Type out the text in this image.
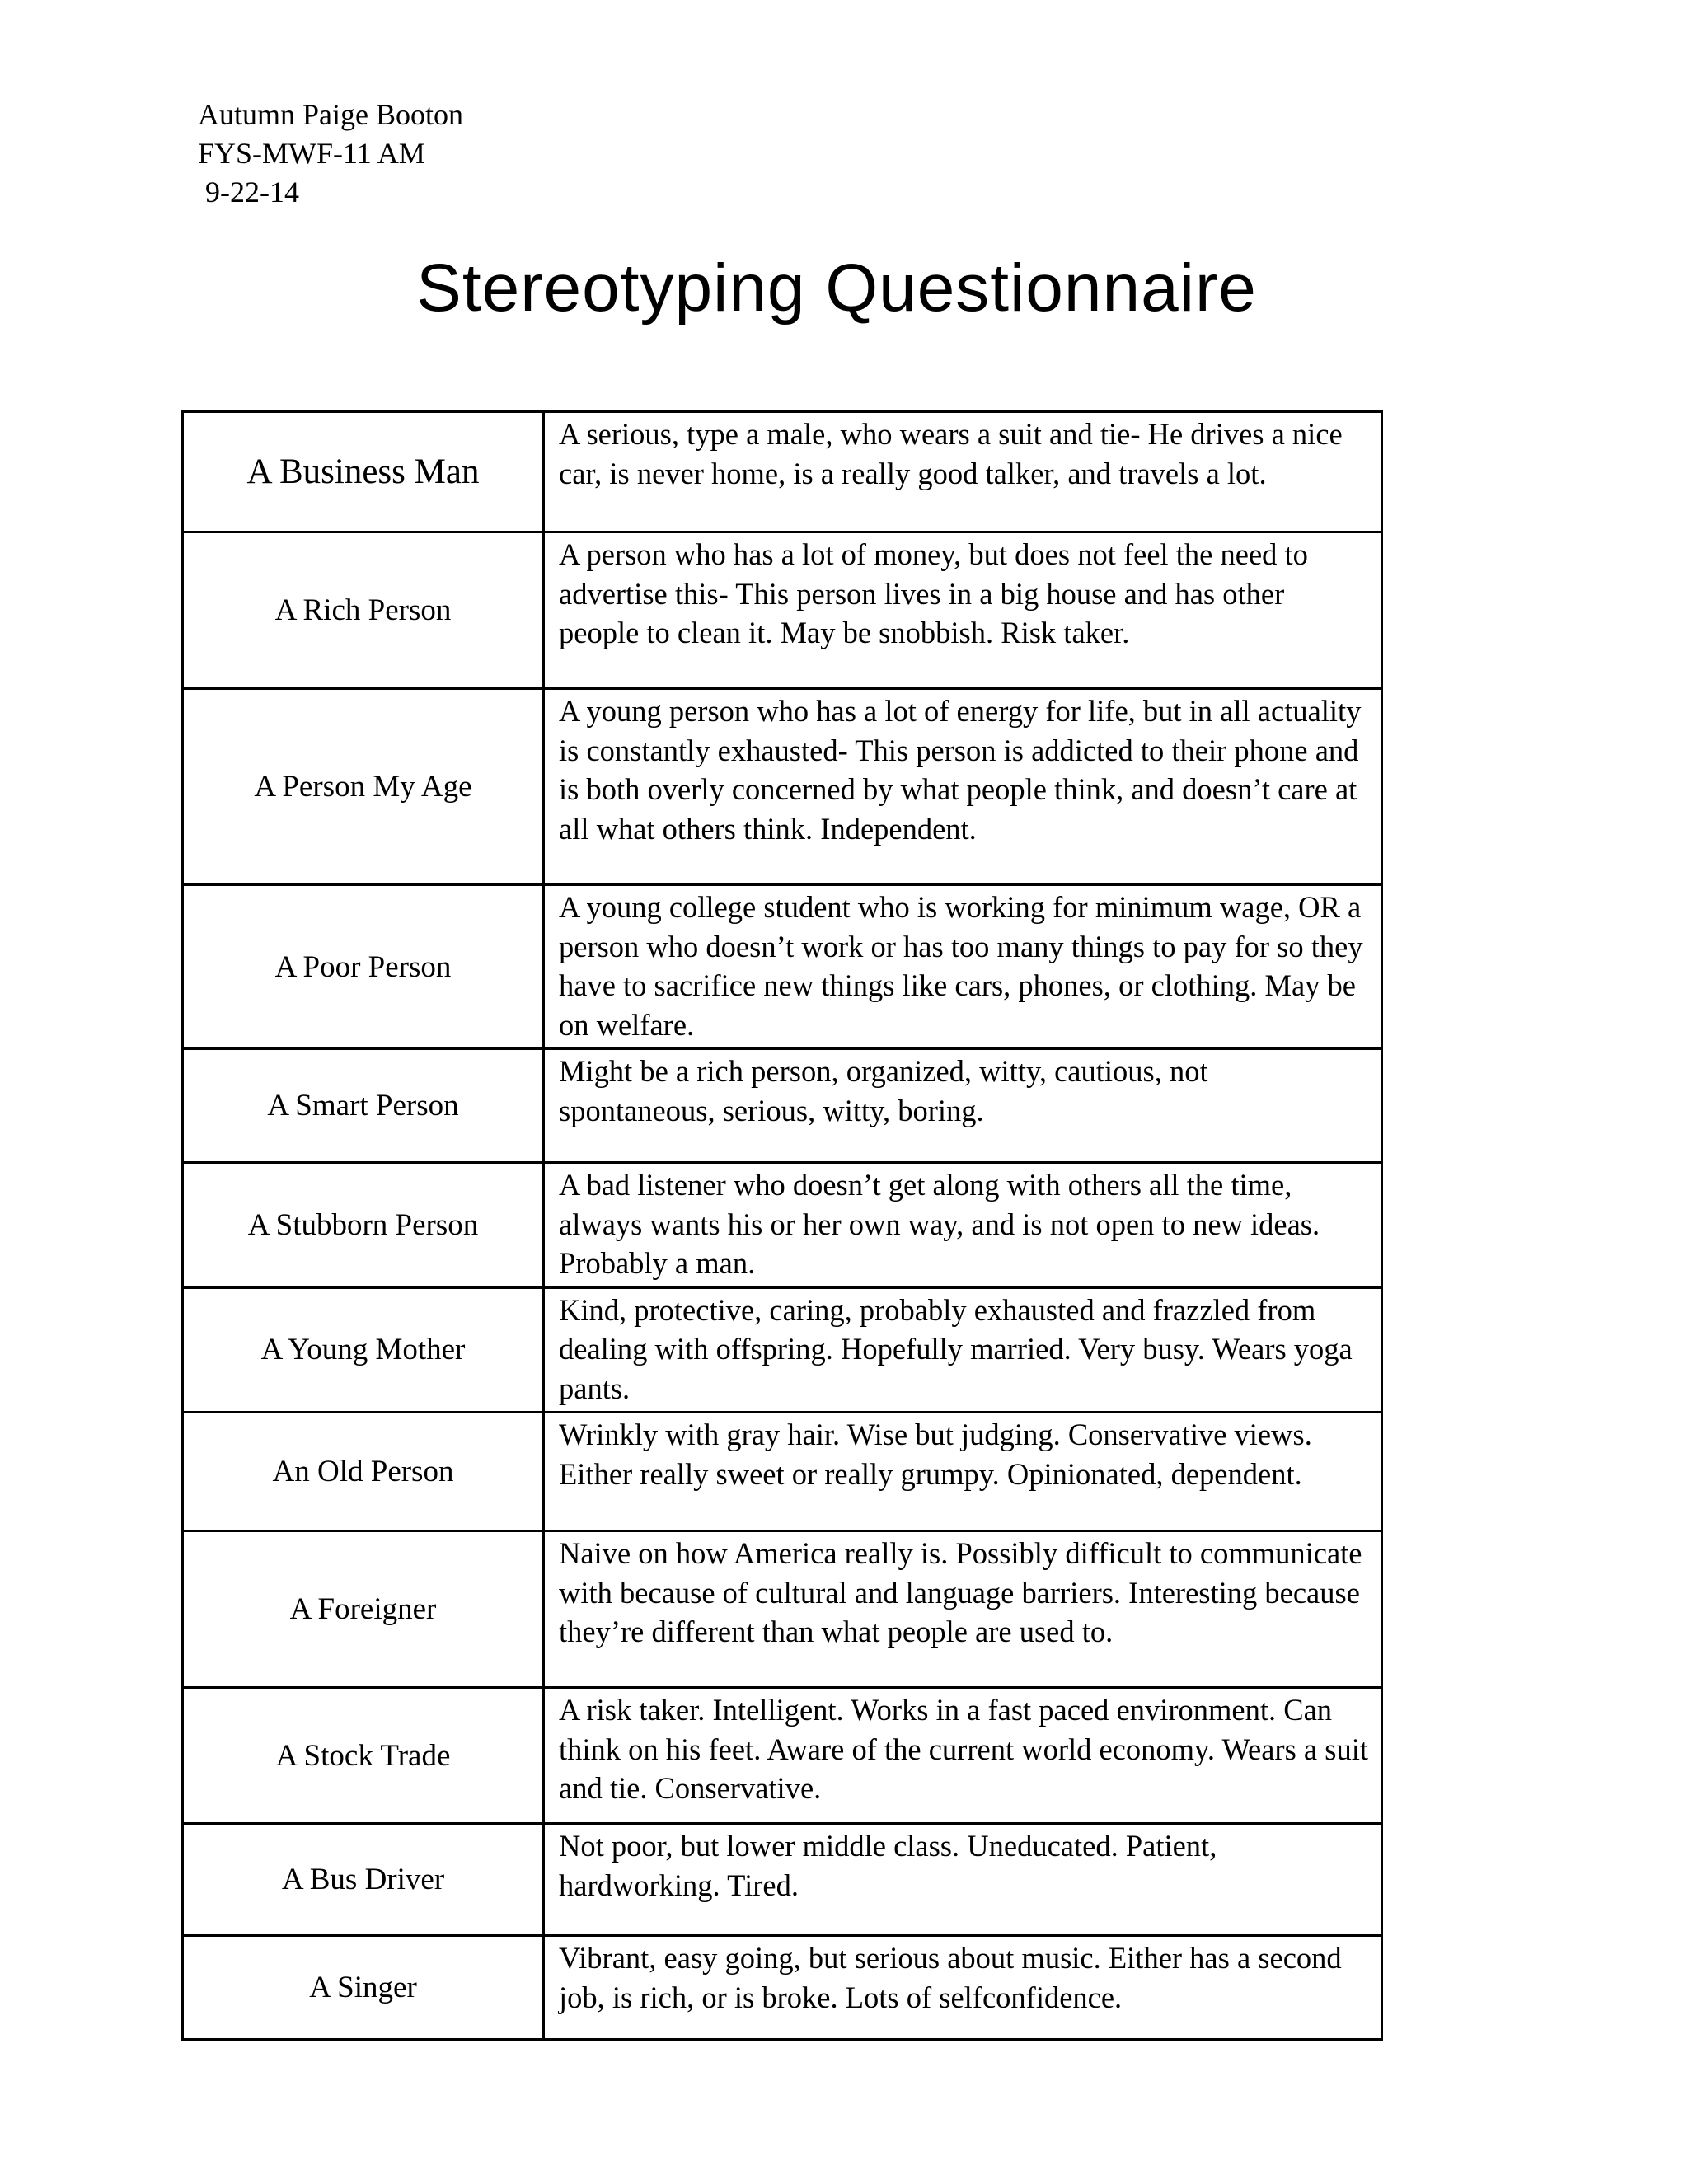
Autumn Paige Booton
FYS-MWF-11 AM
9-22-14
Stereotyping Questionnaire
A Business Man	A serious, type a male, who wears a suit and tie- He drives a nice car, is never home, is a really good talker, and travels a lot.
A Rich Person	A person who has a lot of money, but does not feel the need to advertise this- This person lives in a big house and has other people to clean it. May be snobbish. Risk taker.
A Person My Age	A young person who has a lot of energy for life, but in all actuality is constantly exhausted- This person is addicted to their phone and is both overly concerned by what people think, and doesn’t care at all what others think. Independent.
A Poor Person	A young college student who is working for minimum wage, OR a person who doesn’t work or has too many things to pay for so they have to sacrifice new things like cars, phones, or clothing. May be on welfare.
A Smart Person	Might be a rich person, organized, witty, cautious, not spontaneous, serious, witty, boring.
A Stubborn Person	A bad listener who doesn’t get along with others all the time, always wants his or her own way, and is not open to new ideas. Probably a man.
A Young Mother	Kind, protective, caring, probably exhausted and frazzled from dealing with offspring. Hopefully married. Very busy. Wears yoga pants.
An Old Person	Wrinkly with gray hair. Wise but judging. Conservative views. Either really sweet or really grumpy. Opinionated, dependent.
A Foreigner	Naive on how America really is. Possibly difficult to communicate with because of cultural and language barriers. Interesting because they’re different than what people are used to.
A Stock Trade	A risk taker. Intelligent. Works in a fast paced environment. Can think on his feet. Aware of the current world economy. Wears a suit and tie. Conservative.
A Bus Driver	Not poor, but lower middle class. Uneducated. Patient, hardworking. Tired.
A Singer	Vibrant, easy going, but serious about music. Either has a second job, is rich, or is broke. Lots of selfconfidence.
